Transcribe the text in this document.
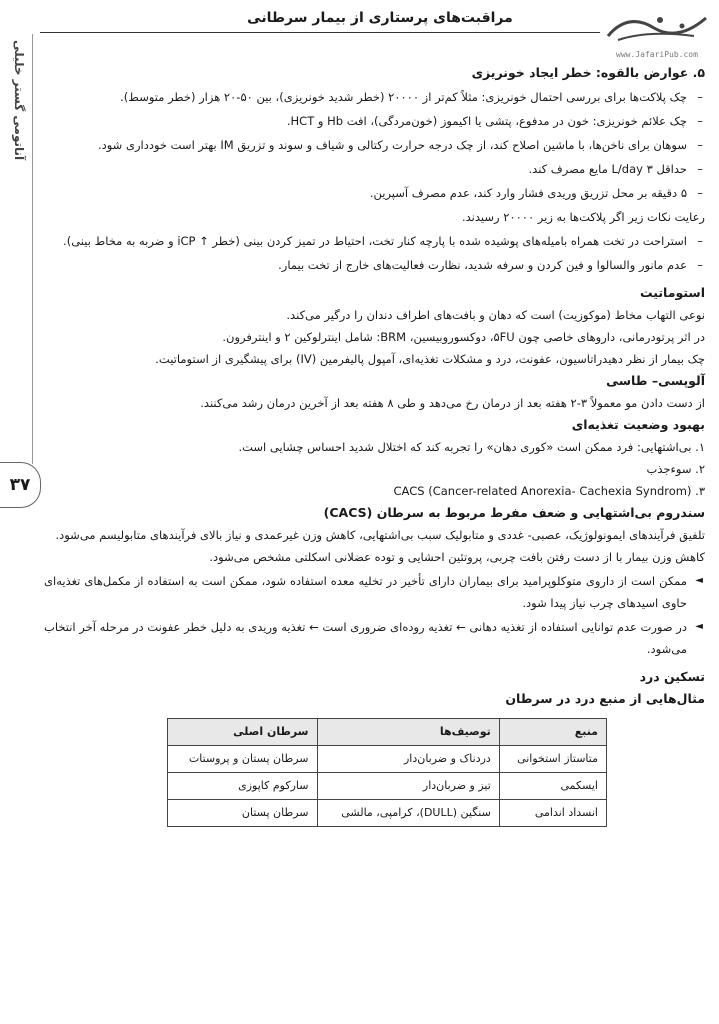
مراقبت‌های پرستاری از بیمار سرطانی
www.JafariPub.com
آناتومی‌ گستر خلیلی
۳۷

۵. عوارض بالقوه: خطر ایجاد خونریزی

–
چک پلاکت‌ها برای بررسی احتمال خونریزی: مثلاً کم‌تر از ۲۰۰۰۰ (خطر شدید خونریزی)، بین ۵۰-۲۰ هزار (خطر متوسط).
–
چک علائم خونریزی: خون در مدفوع، پتشی یا اکیموز (خون‌مردگی)، افت Hb و HCT.
–
سوهان برای ناخن‌ها، با ماشین اصلاح کند، از چک درجه حرارت رکتالی و شیاف و سوند و تزریق IM بهتر است خودداری شود.
–
حداقل ۳ L/day مایع مصرف کند.
–
۵ دقیقه بر محل تزریق وریدی فشار وارد کند، عدم مصرف آسپرین.

رعایت نکات زیر اگر پلاکت‌ها به زیر ۲۰۰۰۰ رسیدند.

–
استراحت در تخت همراه بامیله‌های پوشیده شده با پارچه کنار تخت، احتیاط در تمیز کردن بینی (خطر ↑ iCP و ضربه به مخاط بینی).
–
عدم مانور والسالوا و فین کردن و سرفه شدید، نظارت فعالیت‌های خارج از تخت بیمار.

استوماتیت

نوعی التهاب مخاط (موکوزیت) است که دهان و بافت‌های اطراف دندان را درگیر می‌کند.

در اثر پرتودرمانی، داروهای خاصی چون ۵FU، دوکسوروبیسین، BRM: شامل اینترلوکین ۲ و اینترفرون.

چک بیمار از نظر دهیدراتاسیون، عفونت، درد و مشکلات تغذیه‌ای، آمپول پالیفرمین (IV) برای پیشگیری از استوماتیت.

آلوپسی– طاسی

از دست دادن مو معمولاً ۳-۲ هفته بعد از درمان رخ می‌دهد و طی ۸ هفته بعد از آخرین درمان رشد می‌کنند.

بهبود وضعیت تغذیه‌ای

۱. بی‌اشتهایی: فرد ممکن است «کوری دهان» را تجربه کند که اختلال شدید احساس چشایی است.

۲. سوءجذب

۳. CACS (Cancer-related Anorexia- Cachexia Syndrom)

سندروم بی‌اشتهایی و ضعف مفرط مربوط به سرطان (CACS)

تلفیق فرآیندهای ایمونولوژیک، عصبی- غددی و متابولیک سبب بی‌اشتهایی، کاهش وزن غیرعمدی و نیاز بالای فرآیندهای متابولیسم می‌شود.

کاهش وزن بیمار با از دست رفتن بافت چربی، پروتئین احشایی و توده عضلانی اسکلتی مشخص می‌شود.

◄
ممکن است از داروی متوکلوپرامید برای بیماران دارای تأخیر در تخلیه معده استفاده شود، ممکن است به استفاده از مکمل‌های تغذیه‌ای حاوی اسیدهای چرب نیاز پیدا شود.
◄
در صورت عدم توانایی استفاده از تغذیه دهانی ← تغذیه روده‌ای ضروری است ← تغذیه وریدی به دلیل خطر عفونت در مرحله آخر انتخاب می‌شود.

تسکین درد

مثال‌هایی از منبع درد در سرطان

منبع	توصیف‌ها	سرطان اصلی
متاستاز استخوانی	دردناک و ضربان‌دار	سرطان پستان و پروستات
ایسکمی	تیز و ضربان‌دار	سارکوم کاپوزی
انسداد اندامی	سنگین (DULL)، کرامپی، مالشی	سرطان پستان
